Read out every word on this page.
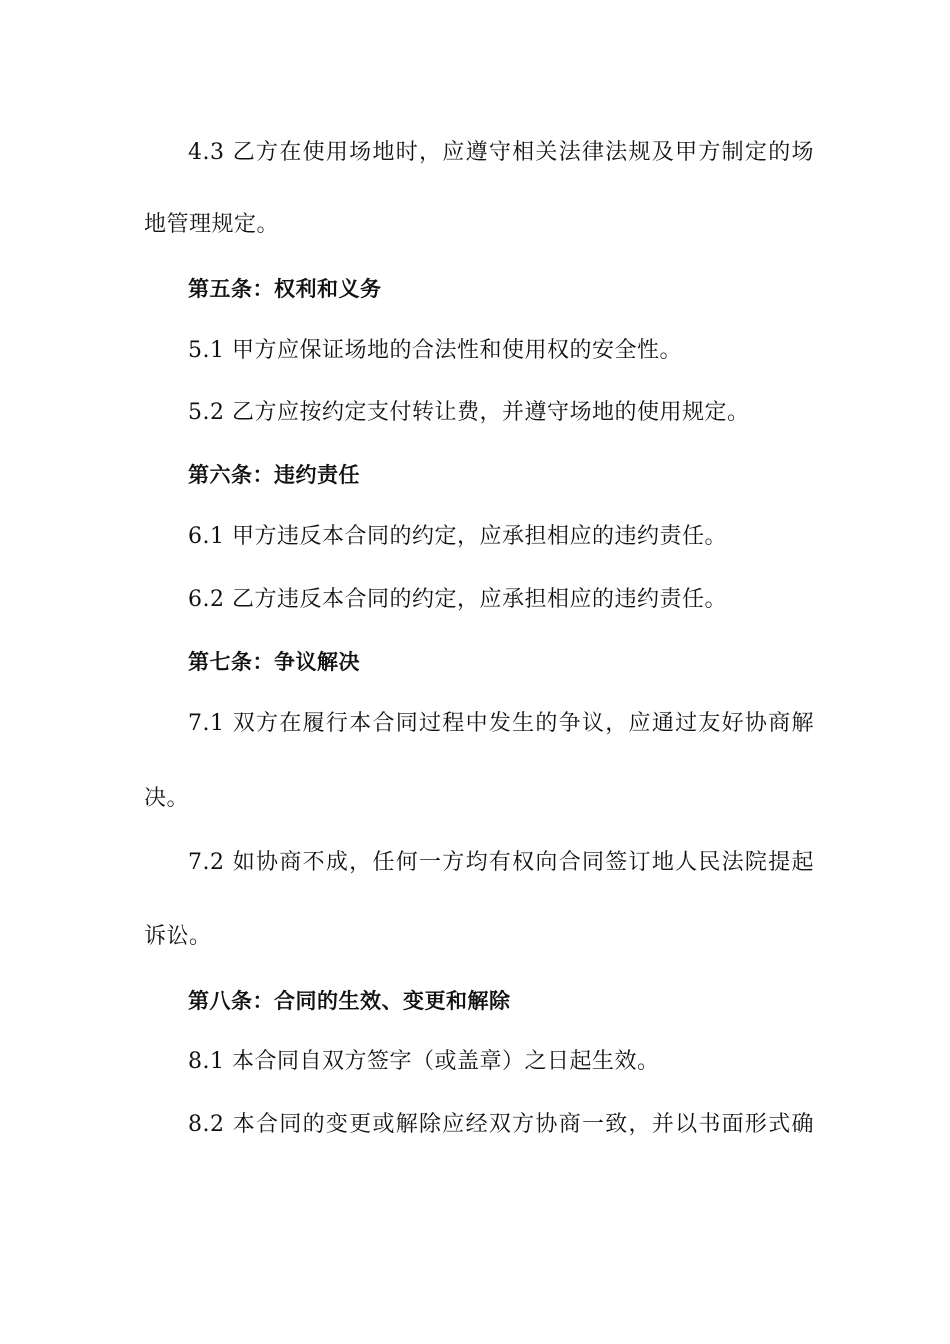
4.3 乙方在使用场地时，应遵守相关法律法规及甲方制定的场
地管理规定。
第五条：权利和义务
5.1 甲方应保证场地的合法性和使用权的安全性。
5.2 乙方应按约定支付转让费，并遵守场地的使用规定。
第六条：违约责任
6.1 甲方违反本合同的约定，应承担相应的违约责任。
6.2 乙方违反本合同的约定，应承担相应的违约责任。
第七条：争议解决
7.1 双方在履行本合同过程中发生的争议，应通过友好协商解
决。
7.2 如协商不成，任何一方均有权向合同签订地人民法院提起
诉讼。
第八条：合同的生效、变更和解除
8.1 本合同自双方签字（或盖章）之日起生效。
8.2 本合同的变更或解除应经双方协商一致，并以书面形式确
